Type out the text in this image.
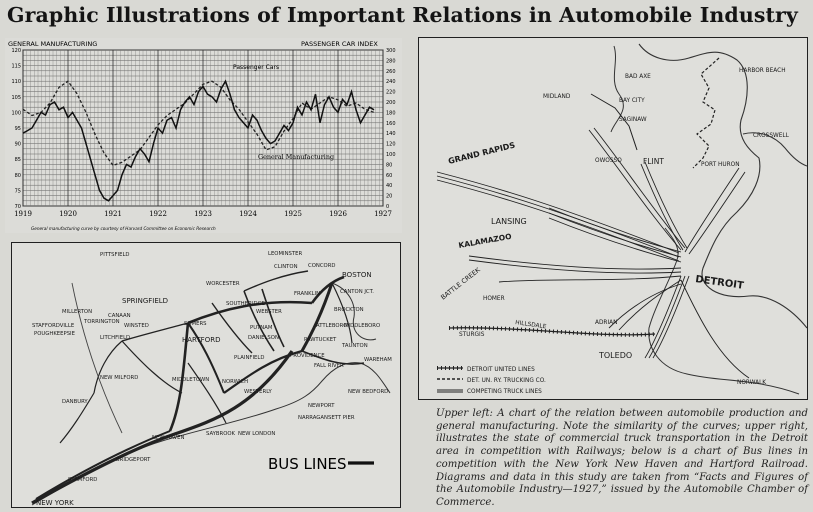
Graphic Illustrations of Important Relations in Automobile Industry
GENERAL MANUFACTURING	PASSENGER CAR INDEX
70
75
80
85
90
95
100
105
110
115
120
0
20
40
60
80
100
120
140
160
180
200
220
240
260
280
300
1919	1920	1921	1922	1923	1924	1925	1926	1927
Passenger Cars
General Manufacturing
General manufacturing curve by courtesy of Harvard Committee on Economic Research
BAD AXE
HARBOR BEACH
MIDLAND
BAY CITY
SAGINAW
CROSSWELL
GRAND RAPIDS	OWOSSO	FLINT	PORT HURON
LANSING
KALAMAZOO
BATTLE CREEK	DETROIT
HOMER
STURGIS
HILLSDALE	ADRIAN
TOLEDO
NORWALK
DETROIT UNITED LINES
DET. UN. RY. TRUCKING CO.
COMPETING TRUCK LINES
PITTSFIELD	LEOMINSTER
CLINTON CONCORD
BOSTON
WORCESTER
SPRINGFIELD
CANTON JCT.
STAFFORDVILLE
MILLERTON
TORRINGTON
WINSTED
CANAAN
POUGHKEEPSIE
LITCHFIELD	HARTFORD
PUTNAM
PROVIDENCE
DANIELSON
BROCKTON
MIDDLEBORO
NEW MILFORD	MIDDLETOWN NORWICH
WESTERLY
FALL RIVER
NEW BEDFORD
DANBURY
NEW HAVEN
SAYBROOK NEW LONDON
NEWPORT
NARRAGANSETT PIER
BRIDGEPORT
NEW YORK
ATTLEBORO
TAUNTON
WAREHAM
SOMERS
PLAINFIELD
PAWTUCKET
SOUTHBRIDGE
WEBSTER
FRANKLIN
STAMFORD
BUS LINES
Upper left: A chart of the relation between automobile production and general manufacturing. Note the similarity of the curves; upper right, illustrates the state of commercial truck transportation in the Detroit area in competition with Railways; below is a chart of Bus lines in competition with the New York New Haven and Hartford Railroad. Diagrams and data in this study are taken from “Facts and Figures of the Automobile Industry—1927,” issued by the Automobile Chamber of Commerce.
